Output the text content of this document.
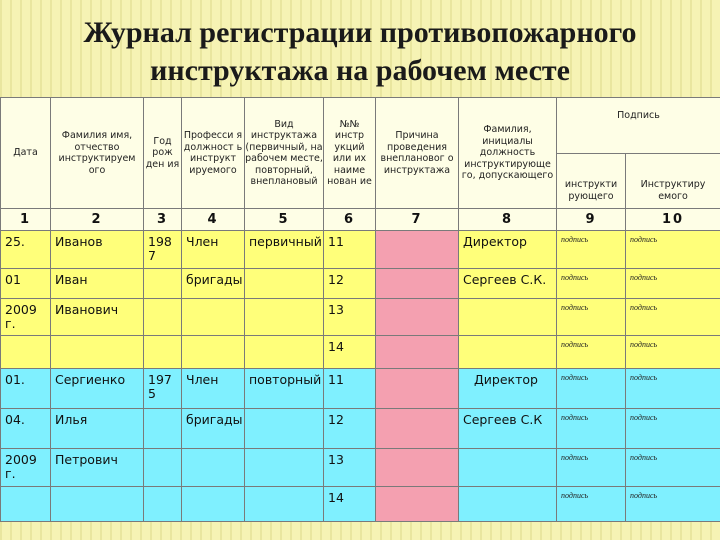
Журнал регистрации противопожарного
инструктажа на рабочем месте
Дата	Фамилия имя, отчество инструктируем ого	Год рож ден ия	Професси я должност ь инструкт ируемого	Вид инструктажа (первичный, на рабочем месте, повторный, внеплановый	№№ инстр укций или их наиме нован ие	Причина проведения внеплановог о инструктажа	Фамилия, инициалы должность инструктирующе го, допускающего	Подпись	
								инструкти рующего	Инструктиру емого
1	2	3	4	5	6	7	8	9	10
25.	Иванов	198 7	Член	первичный	11		Директор	подпись	подпись
01	Иван		бригады		12		Сергеев С.К.	подпись	подпись
2009 г.	Иванович				13			подпись	подпись
					14			подпись	подпись
01.	Сергиенко	197 5	Член	повторный	11		Директор	подпись	подпись
04.	Илья		бригады		12		Сергеев С.К	подпись	подпись
2009 г.	Петрович				13			подпись	подпись
					14			подпись	подпись
